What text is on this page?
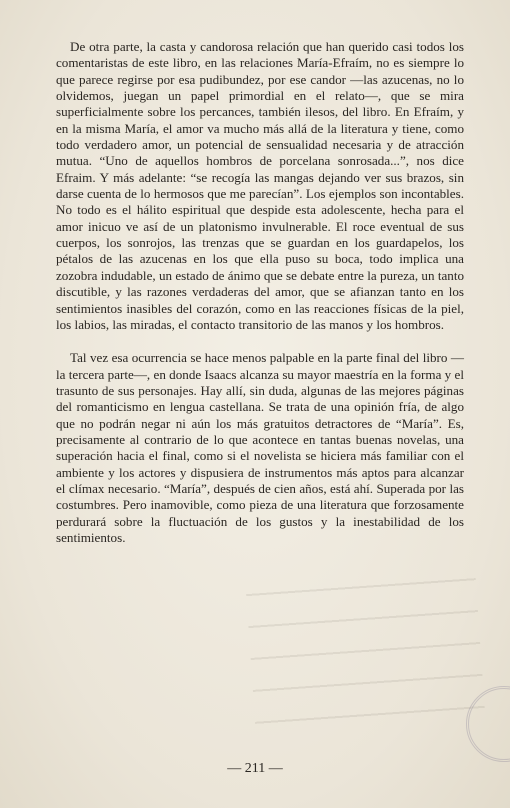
De otra parte, la casta y candorosa relación que han querido casi todos los comentaristas de este libro, en las relaciones María-Efraím, no es siempre lo que parece regirse por esa pudibundez, por ese candor —las azucenas, no lo olvidemos, juegan un papel primordial en el relato—, que se mira superficialmente sobre los percances, también ilesos, del libro. En Efraím, y en la misma María, el amor va mucho más allá de la literatura y tiene, como todo verdadero amor, un potencial de sensualidad necesaria y de atracción mutua. “Uno de aquellos hombros de porcelana sonrosada...”, nos dice Efraim. Y más adelante: “se recogía las mangas dejando ver sus brazos, sin darse cuenta de lo hermosos que me parecían”. Los ejemplos son incontables. No todo es el hálito espiritual que despide esta adolescente, hecha para el amor inicuo ve así de un platonismo invulnerable. El roce eventual de sus cuerpos, los sonrojos, las trenzas que se guardan en los guardapelos, los pétalos de las azucenas en los que ella puso su boca, todo implica una zozobra indudable, un estado de ánimo que se debate entre la pureza, un tanto discutible, y las razones verdaderas del amor, que se afianzan tanto en los sentimientos inasibles del corazón, como en las reacciones físicas de la piel, los labios, las miradas, el contacto transitorio de las manos y los hombros.

Tal vez esa ocurrencia se hace menos palpable en la parte final del libro —la tercera parte—, en donde Isaacs alcanza su mayor maestría en la forma y el trasunto de sus personajes. Hay allí, sin duda, algunas de las mejores páginas del romanticismo en lengua castellana. Se trata de una opinión fría, de algo que no podrán negar ni aún los más gratuitos detractores de “María”. Es, precisamente al contrario de lo que acontece en tantas buenas novelas, una superación hacia el final, como si el novelista se hiciera más familiar con el ambiente y los actores y dispusiera de instrumentos más aptos para alcanzar el clímax necesario. “María”, después de cien años, está ahí. Superada por las costumbres. Pero inamovible, como pieza de una literatura que forzosamente perdurará sobre la fluctuación de los gustos y la inestabilidad de los sentimientos.

— 211 —
